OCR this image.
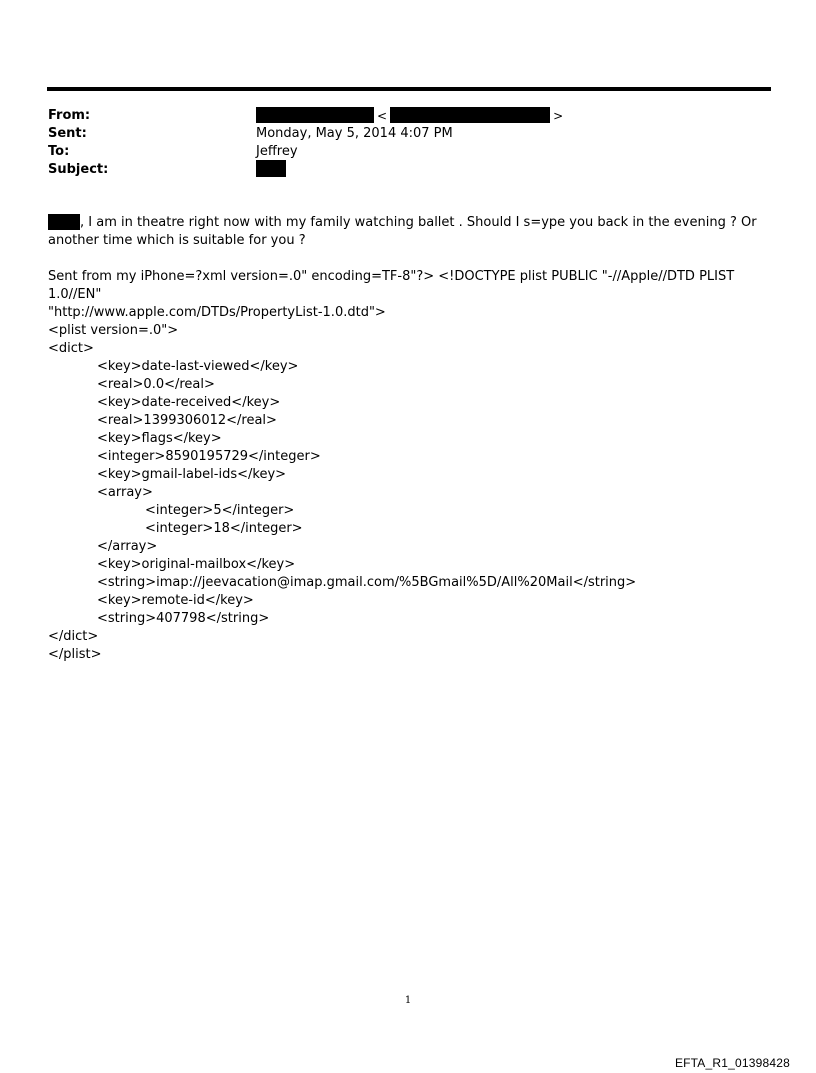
From:	<	>
Sent:	Monday, May 5, 2014 4:07 PM
To:	Jeffrey
Subject:

, I am in theatre right now with my family watching ballet . Should I s=ype you back in the evening ? Or another time which is suitable for you ?

Sent from my iPhone=?xml version=.0" encoding=TF-8"?> <!DOCTYPE plist PUBLIC "-//Apple//DTD PLIST 1.0//EN"

"http://www.apple.com/DTDs/PropertyList-1.0.dtd">

<plist version=.0">
<dict>
<key>date-last-viewed</key>
<real>0.0</real>
<key>date-received</key>
<real>1399306012</real>
<key>flags</key>
<integer>8590195729</integer>
<key>gmail-label-ids</key>
<array>
<integer>5</integer>
<integer>18</integer>
</array>
<key>original-mailbox</key>
<string>imap://jeevacation@imap.gmail.com/%5BGmail%5D/All%20Mail</string>
<key>remote-id</key>
<string>407798</string>
</dict>
</plist>
1
EFTA_R1_01398428
